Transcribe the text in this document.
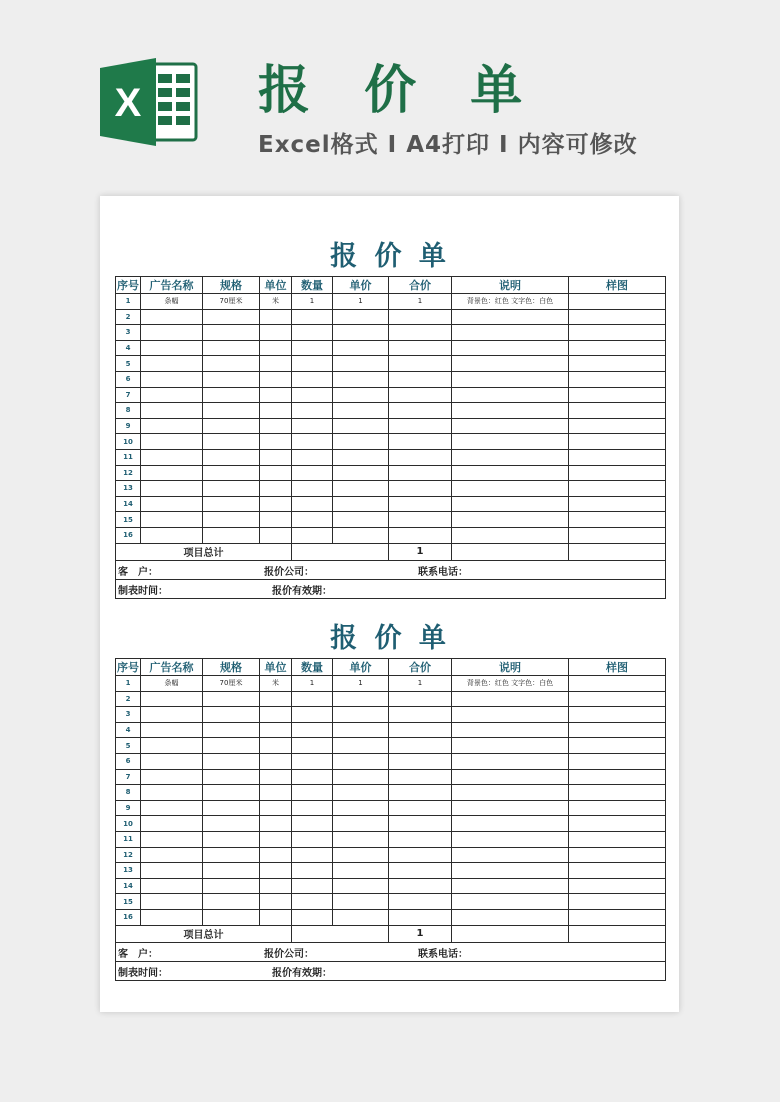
X 报 价 单
Excel格式 I A4打印 I 内容可修改
报 价 单
序号	广告名称	规格	单位	数量	单价	合价	说明	样图
1	条幅	70厘米	米	1	1	1	背景色：红色 文字色：白色	
2								
3								
4								
5								
6								
7								
8								
9								
10								
11								
12								
13								
14								
15								
16								
项目总计						1		

客　户： 报价公司： 联系电话：								

制表时间： 报价有效期：								
报 价 单
序号	广告名称	规格	单位	数量	单价	合价	说明	样图
1	条幅	70厘米	米	1	1	1	背景色：红色 文字色：白色	
2								
3								
4								
5								
6								
7								
8								
9								
10								
11								
12								
13								
14								
15								
16								
项目总计						1		

客　户： 报价公司： 联系电话：								

制表时间： 报价有效期：								
